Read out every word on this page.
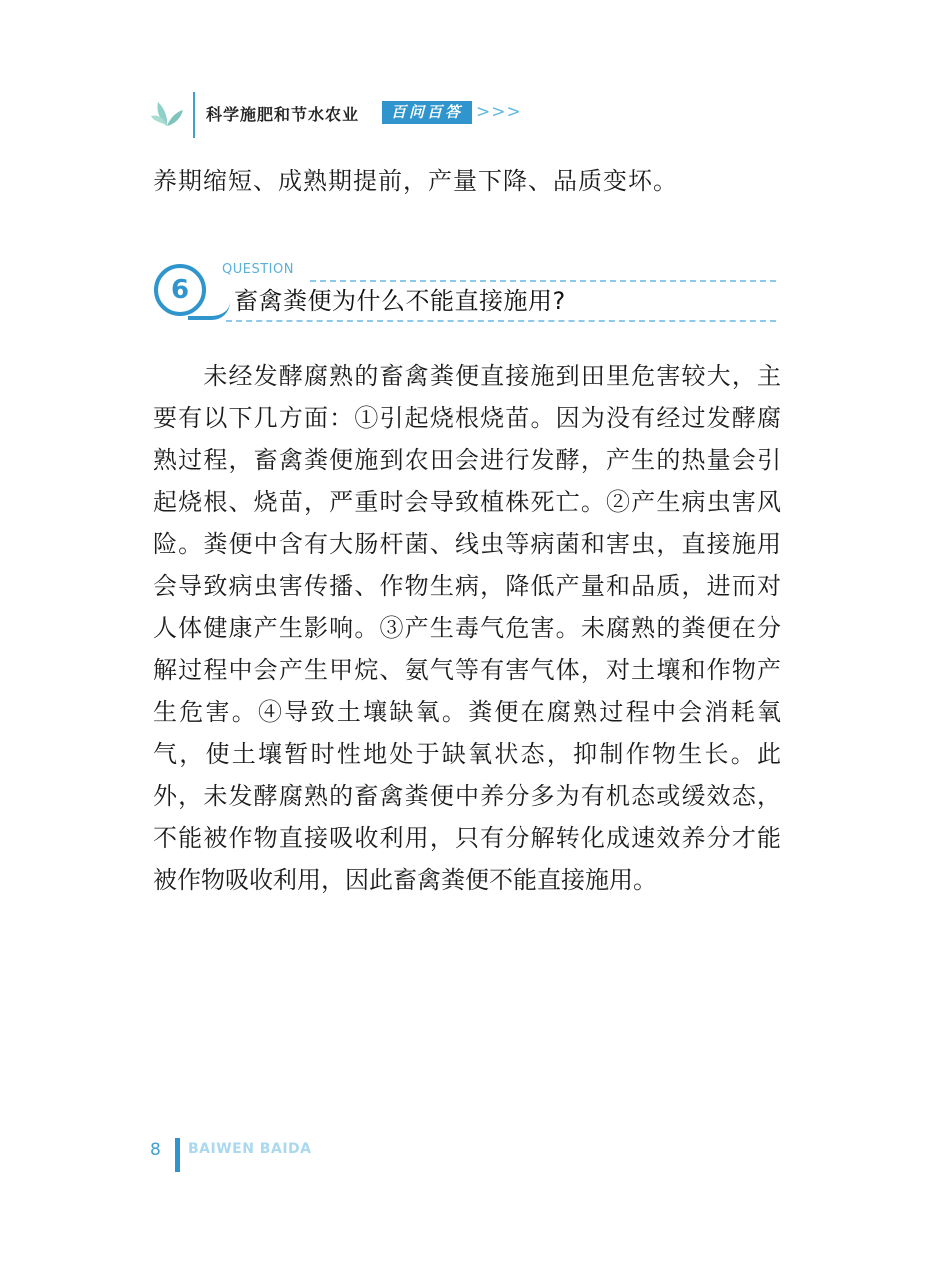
科学施肥和节水农业	百问百答 >>>
养期缩短、成熟期提前，产量下降、品质变坏。
6
QUESTION
畜禽粪便为什么不能直接施用?
　　未经发酵腐熟的畜禽粪便直接施到田里危害较大，主
要有以下几方面：①引起烧根烧苗。因为没有经过发酵腐
熟过程，畜禽粪便施到农田会进行发酵，产生的热量会引
起烧根、烧苗，严重时会导致植株死亡。②产生病虫害风
险。粪便中含有大肠杆菌、线虫等病菌和害虫，直接施用
会导致病虫害传播、作物生病，降低产量和品质，进而对
人体健康产生影响。③产生毒气危害。未腐熟的粪便在分
解过程中会产生甲烷、氨气等有害气体，对土壤和作物产
生危害。④导致土壤缺氧。粪便在腐熟过程中会消耗氧
气，使土壤暂时性地处于缺氧状态，抑制作物生长。此
外，未发酵腐熟的畜禽粪便中养分多为有机态或缓效态，
不能被作物直接吸收利用，只有分解转化成速效养分才能
被作物吸收利用，因此畜禽粪便不能直接施用。
8 BAIWEN BAIDA
